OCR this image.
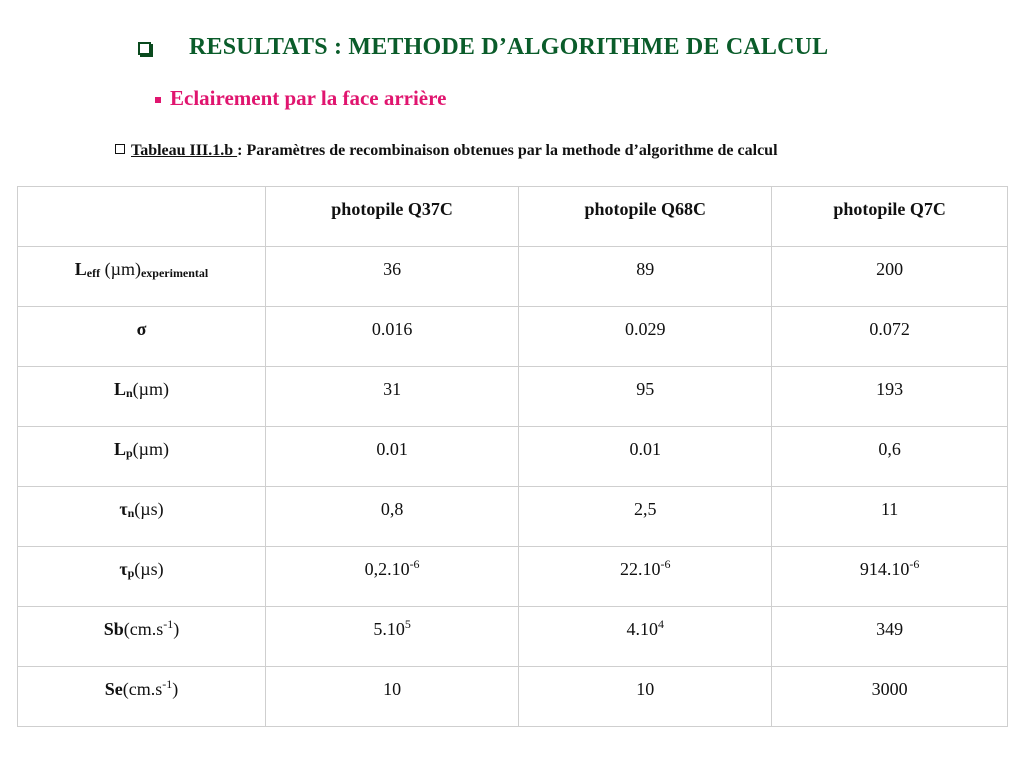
RESULTATS : METHODE D’ALGORITHME DE CALCUL
Eclairement par la face arrière
Tableau III.1.b : Paramètres de recombinaison obtenues par la methode d’algorithme de calcul
	photopile Q37C	photopile Q68C	photopile Q7C
$L_{eff}$ $(\mu m)_{experimental}$	36	89	200
σ	0.016	0.029	0.072
$L_n(\mu m)$	31	95	193
$L_p(\mu m)$	0.01	0.01	0,6
$\tau_n(\mu s)$	0,8	2,5	11
$\tau_p(\mu s)$	$0,2.10^{-6}$	$22.10^{-6}$	$914.10^{-6}$
$Sb(cm.s^{-1})$	5.10$^5$	4.10$^4$	349
$Se(cm.s^{-1})$	10	10	3000
